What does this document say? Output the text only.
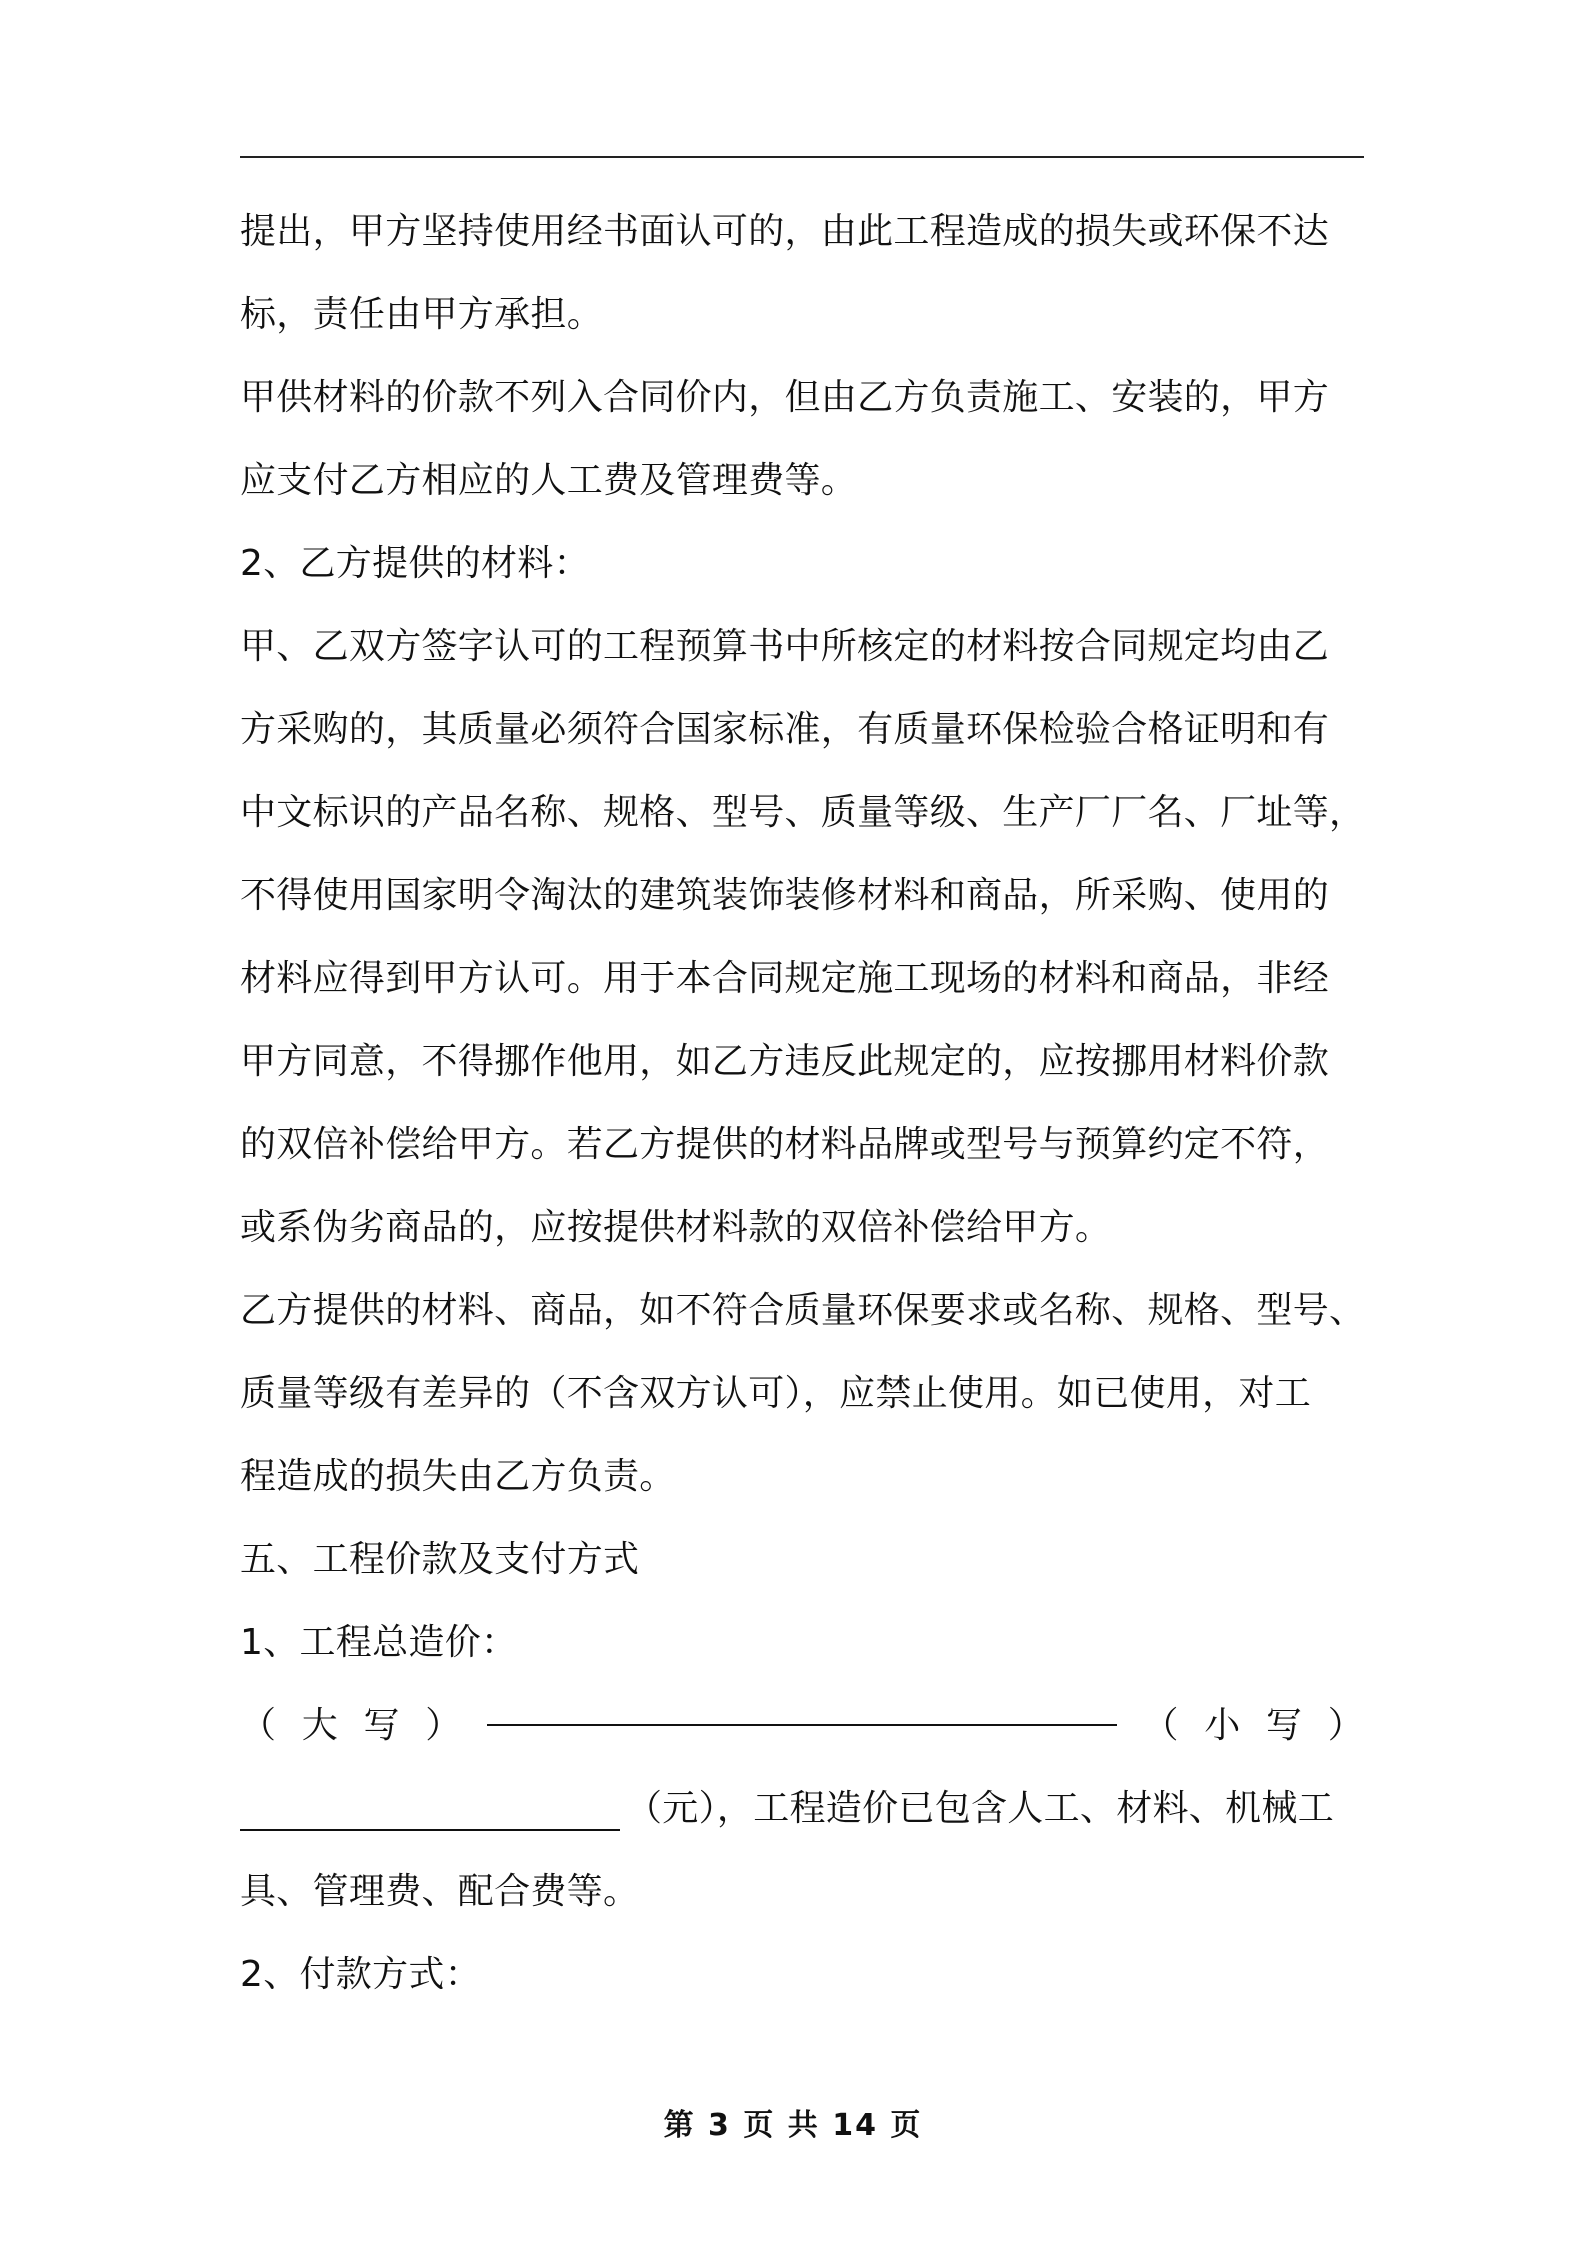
提出，甲方坚持使用经书面认可的，由此工程造成的损失或环保不达
标，责任由甲方承担。
甲供材料的价款不列入合同价内，但由乙方负责施工、安装的，甲方
应支付乙方相应的人工费及管理费等。
2、乙方提供的材料：
甲、乙双方签字认可的工程预算书中所核定的材料按合同规定均由乙
方采购的，其质量必须符合国家标准，有质量环保检验合格证明和有
中文标识的产品名称、规格、型号、质量等级、生产厂厂名、厂址等，
不得使用国家明令淘汰的建筑装饰装修材料和商品，所采购、使用的
材料应得到甲方认可。用于本合同规定施工现场的材料和商品，非经
甲方同意，不得挪作他用，如乙方违反此规定的，应按挪用材料价款
的双倍补偿给甲方。若乙方提供的材料品牌或型号与预算约定不符，
或系伪劣商品的，应按提供材料款的双倍补偿给甲方。
乙方提供的材料、商品，如不符合质量环保要求或名称、规格、型号、
质量等级有差异的（不含双方认可），应禁止使用。如已使用，对工
程造成的损失由乙方负责。
五、工程价款及支付方式
1、工程总造价：
（ 大 写 ）	（ 小 写 ）
（元），工程造价已包含人工、材料、机械工
具、管理费、配合费等。
2、付款方式：
第 3 页 共 14 页
